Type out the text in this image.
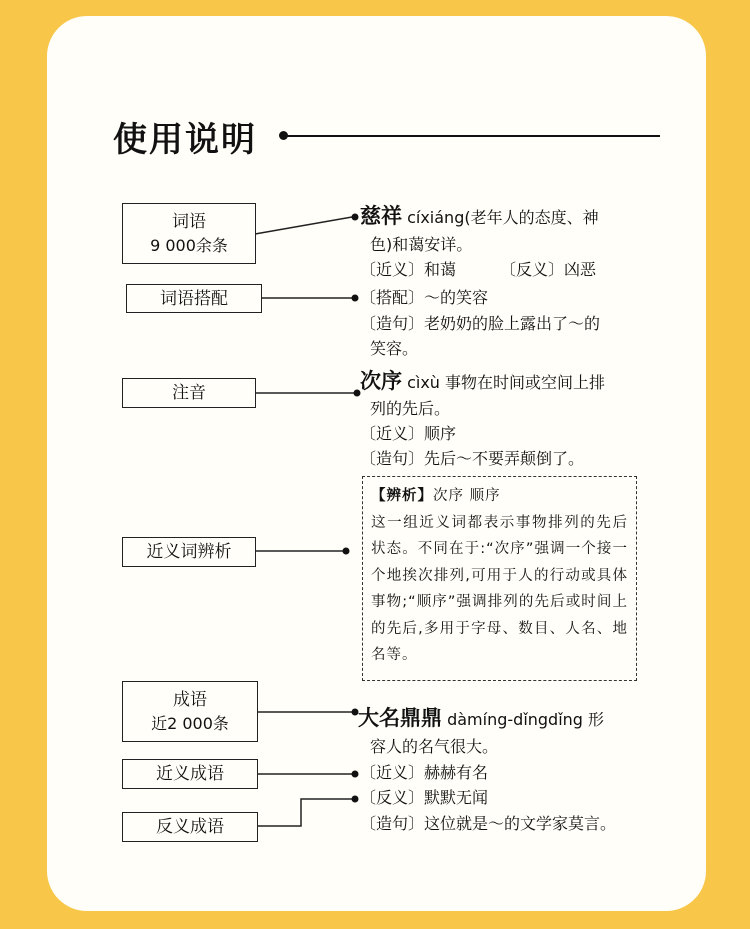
使用说明
词语
9 000余条
词语搭配
注音
近义词辨析
成语
近2 000条
近义成语
反义成语
慈祥 cíxiáng(老年人的态度、神
色)和蔼安详。
〔近义〕和蔼	〔反义〕凶恶
〔搭配〕～的笑容
〔造句〕老奶奶的脸上露出了～的
笑容。
次序 cìxù 事物在时间或空间上排
列的先后。
〔近义〕顺序
〔造句〕先后～不要弄颠倒了。
【辨析】次序 顺序
这一组近义词都表示事物排列的先后状态。不同在于:“次序”强调一个接一个地挨次排列,可用于人的行动或具体事物;“顺序”强调排列的先后或时间上的先后,多用于字母、数目、人名、地名等。
大名鼎鼎 dàmíng-dǐngdǐng 形
容人的名气很大。
〔近义〕赫赫有名
〔反义〕默默无闻
〔造句〕这位就是～的文学家莫言。
